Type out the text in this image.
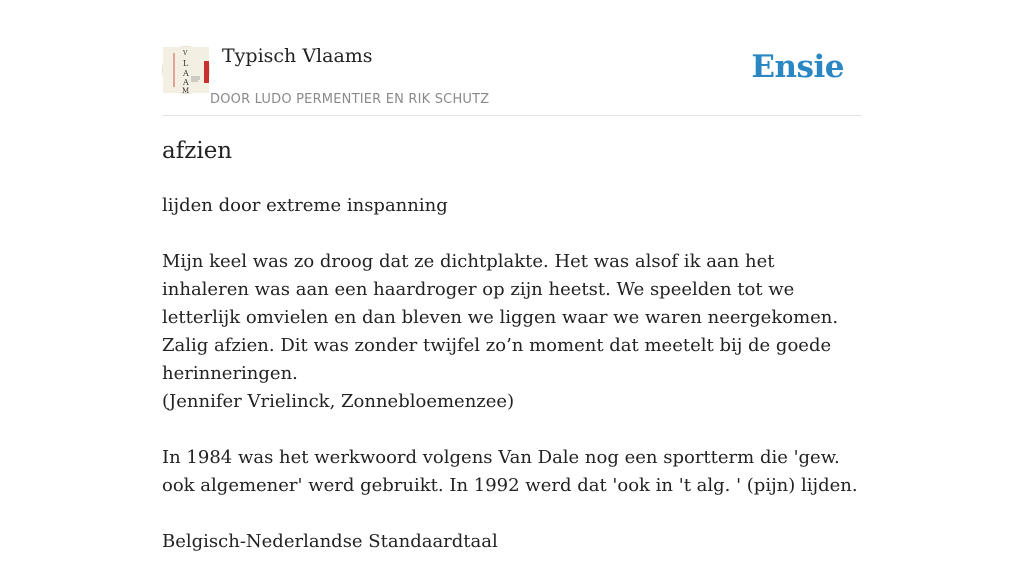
V
L
A
A
M
Typisch Vlaams
DOOR LUDO PERMENTIER EN RIK SCHUTZ
Ensie
afzien

lijden door extreme inspanning

Mijn keel was zo droog dat ze dichtplakte. Het was alsof ik aan het inhaleren was aan een haardroger op zijn heetst. We speelden tot we letterlijk omvielen en dan bleven we liggen waar we waren neergekomen. Zalig afzien. Dit was zonder twijfel zo’n moment dat meetelt bij de goede herinneringen.
(Jennifer Vrielinck, Zonnebloemenzee)

In 1984 was het werkwoord volgens Van Dale nog een sportterm die 'gew. ook algemener' werd gebruikt. In 1992 werd dat 'ook in 't alg. ' (pijn) lijden.

Belgisch-Nederlandse Standaardtaal
